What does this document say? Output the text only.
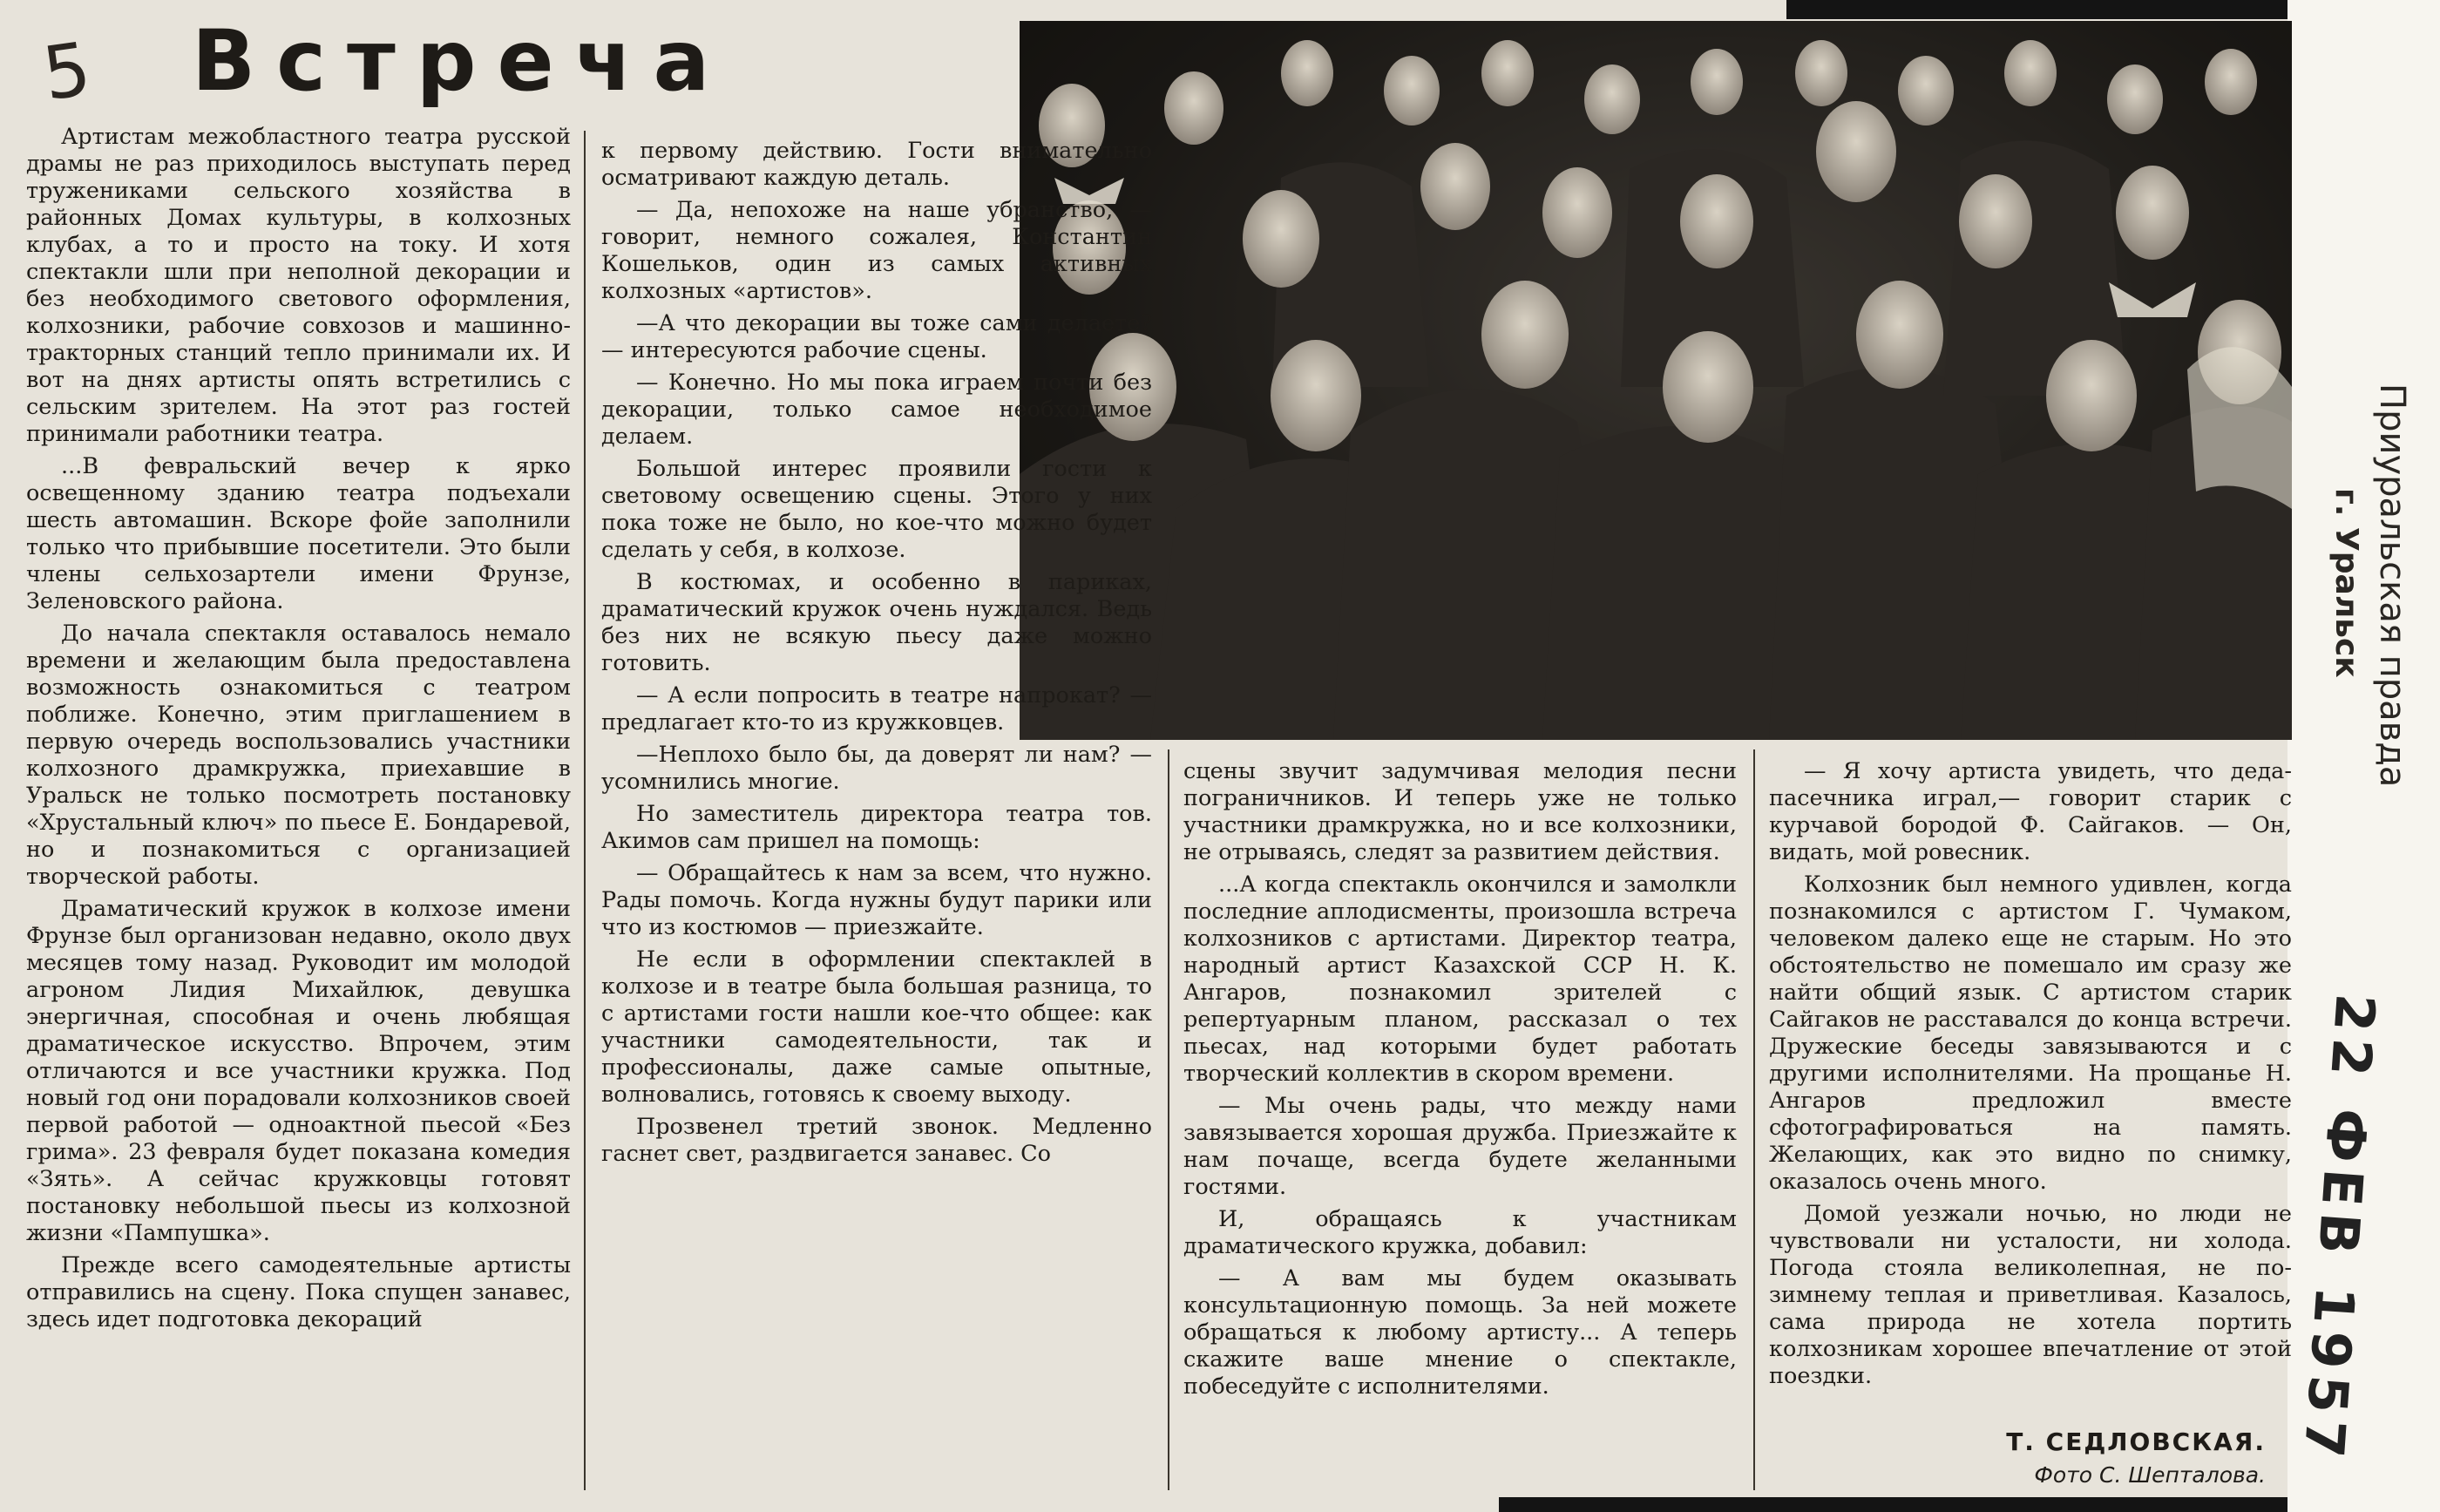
5 Встреча

Артистам межобластного театра русской драмы не раз приходилось выступать перед тружениками сельского хозяйства в районных Домах культуры, в колхозных клубах, а то и просто на току. И хотя спектакли шли при неполной декорации и без необходимого светового оформления, колхозники, рабочие совхозов и машинно-тракторных станций тепло принимали их. И вот на днях артисты опять встретились с сельским зрителем. На этот раз гостей принимали работники театра.

...В февральский вечер к ярко освещенному зданию театра подъехали шесть автомашин. Вскоре фойе заполнили только что прибывшие посетители. Это были члены сельхозартели имени Фрунзе, Зеленовского района.

До начала спектакля оставалось немало времени и желающим была предоставлена возможность ознакомиться с театром поближе. Конечно, этим приглашением в первую очередь воспользовались участники колхозного драмкружка, приехавшие в Уральск не только посмотреть постановку «Хрустальный ключ» по пьесе Е. Бондаревой, но и познакомиться с организацией творческой работы.

Драматический кружок в колхозе имени Фрунзе был организован недавно, около двух месяцев тому назад. Руководит им молодой агроном Лидия Михайлюк, девушка энергичная, способная и очень любящая драматическое искусство. Впрочем, этим отличаются и все участники кружка. Под новый год они порадовали колхозников своей первой работой — одноактной пьесой «Без грима». 23 февраля будет показана комедия «Зять». А сейчас кружковцы готовят постановку небольшой пьесы из колхозной жизни «Пампушка».

Прежде всего самодеятельные артисты отправились на сцену. Пока спущен занавес, здесь идет подготовка декораций

к первому действию. Гости внимательно осматривают каждую деталь.

— Да, непохоже на наше убранство, — говорит, немного сожалея, Константин Кошельков, один из самых активных колхозных «артистов».

—А что декорации вы тоже сами делаете? — интересуются рабочие сцены.

— Конечно. Но мы пока играем почти без декорации, только самое необходимое делаем.

Большой интерес проявили гости к световому освещению сцены. Этого у них пока тоже не было, но кое-что можно будет сделать у себя, в колхозе.

В костюмах, и особенно в париках, драматический кружок очень нуждался. Ведь без них не всякую пьесу даже можно готовить.

— А если попросить в театре напрокат? — предлагает кто-то из кружковцев.

—Неплохо было бы, да доверят ли нам? — усомнились многие.

Но заместитель директора театра тов. Акимов сам пришел на помощь:

— Обращайтесь к нам за всем, что нужно. Рады помочь. Когда нужны будут парики или что из костюмов — приезжайте.

Не если в оформлении спектаклей в колхозе и в театре была большая разница, то с артистами гости нашли кое-что общее: как участники самодеятельности, так и профессионалы, даже самые опытные, волновались, готовясь к своему выходу.

Прозвенел третий звонок. Медленно гаснет свет, раздвигается занавес. Со

сцены звучит задумчивая мелодия песни пограничников. И теперь уже не только участники драмкружка, но и все колхозники, не отрываясь, следят за развитием действия.

...А когда спектакль окончился и замолкли последние аплодисменты, произошла встреча колхозников с артистами. Директор театра, народный артист Казахской ССР Н. К. Ангаров, познакомил зрителей с репертуарным планом, рассказал о тех пьесах, над которыми будет работать творческий коллектив в скором времени.

— Мы очень рады, что между нами завязывается хорошая дружба. Приезжайте к нам почаще, всегда будете желанными гостями.

И, обращаясь к участникам драматического кружка, добавил:

— А вам мы будем оказывать консультационную помощь. За ней можете обращаться к любому артисту... А теперь скажите ваше мнение о спектакле, побеседуйте с исполнителями.

— Я хочу артиста увидеть, что деда-пасечника играл,— говорит старик с курчавой бородой Ф. Сайгаков. — Он, видать, мой ровесник.

Колхозник был немного удивлен, когда познакомился с артистом Г. Чумаком, человеком далеко еще не старым. Но это обстоятельство не помешало им сразу же найти общий язык. С артистом старик Сайгаков не расставался до конца встречи. Дружеские беседы завязываются и с другими исполнителями. На прощанье Н. Ангаров предложил вместе сфотографироваться на память. Желающих, как это видно по снимку, оказалось очень много.

Домой уезжали ночью, но люди не чувствовали ни усталости, ни холода. Погода стояла великолепная, не по-зимнему теплая и приветливая. Казалось, сама природа не хотела портить колхозникам хорошее впечатление от этой поездки.

Т. СЕДЛОВСКАЯ.
Фото С. Шепталова.
Приуральская правда
г. Уральск
22 ФЕВ 1957
